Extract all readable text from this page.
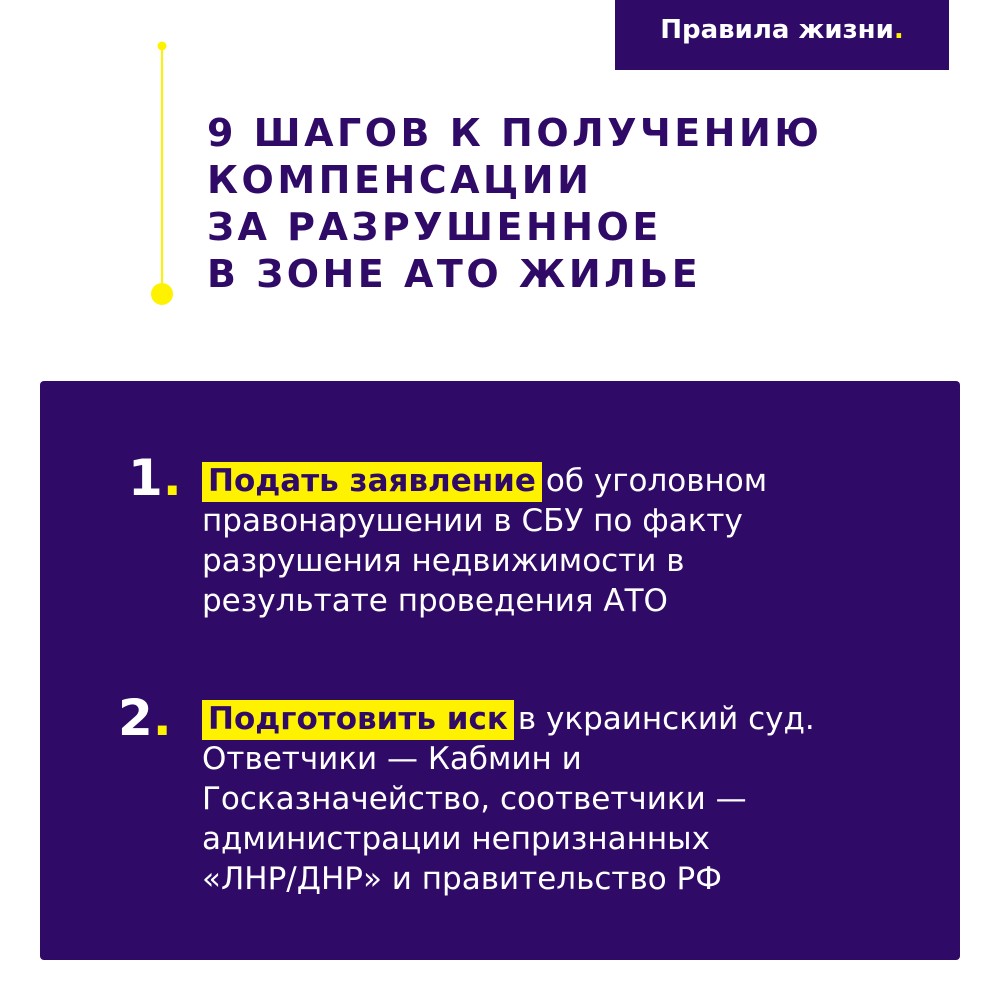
Правила жизни.
9 ШАГОВ К ПОЛУЧЕНИЮ
КОМПЕНСАЦИИ
ЗА РАЗРУШЕННОЕ
В ЗОНЕ АТО ЖИЛЬЕ
1. Подать заявление об уголовном
правонарушении в СБУ по факту
разрушения недвижимости в
результате проведения АТО
2. Подготовить иск в украинский суд.
Ответчики — Кабмин и
Госказначейство, соответчики —
администрации непризнанных
«ЛНР/ДНР» и правительство РФ
